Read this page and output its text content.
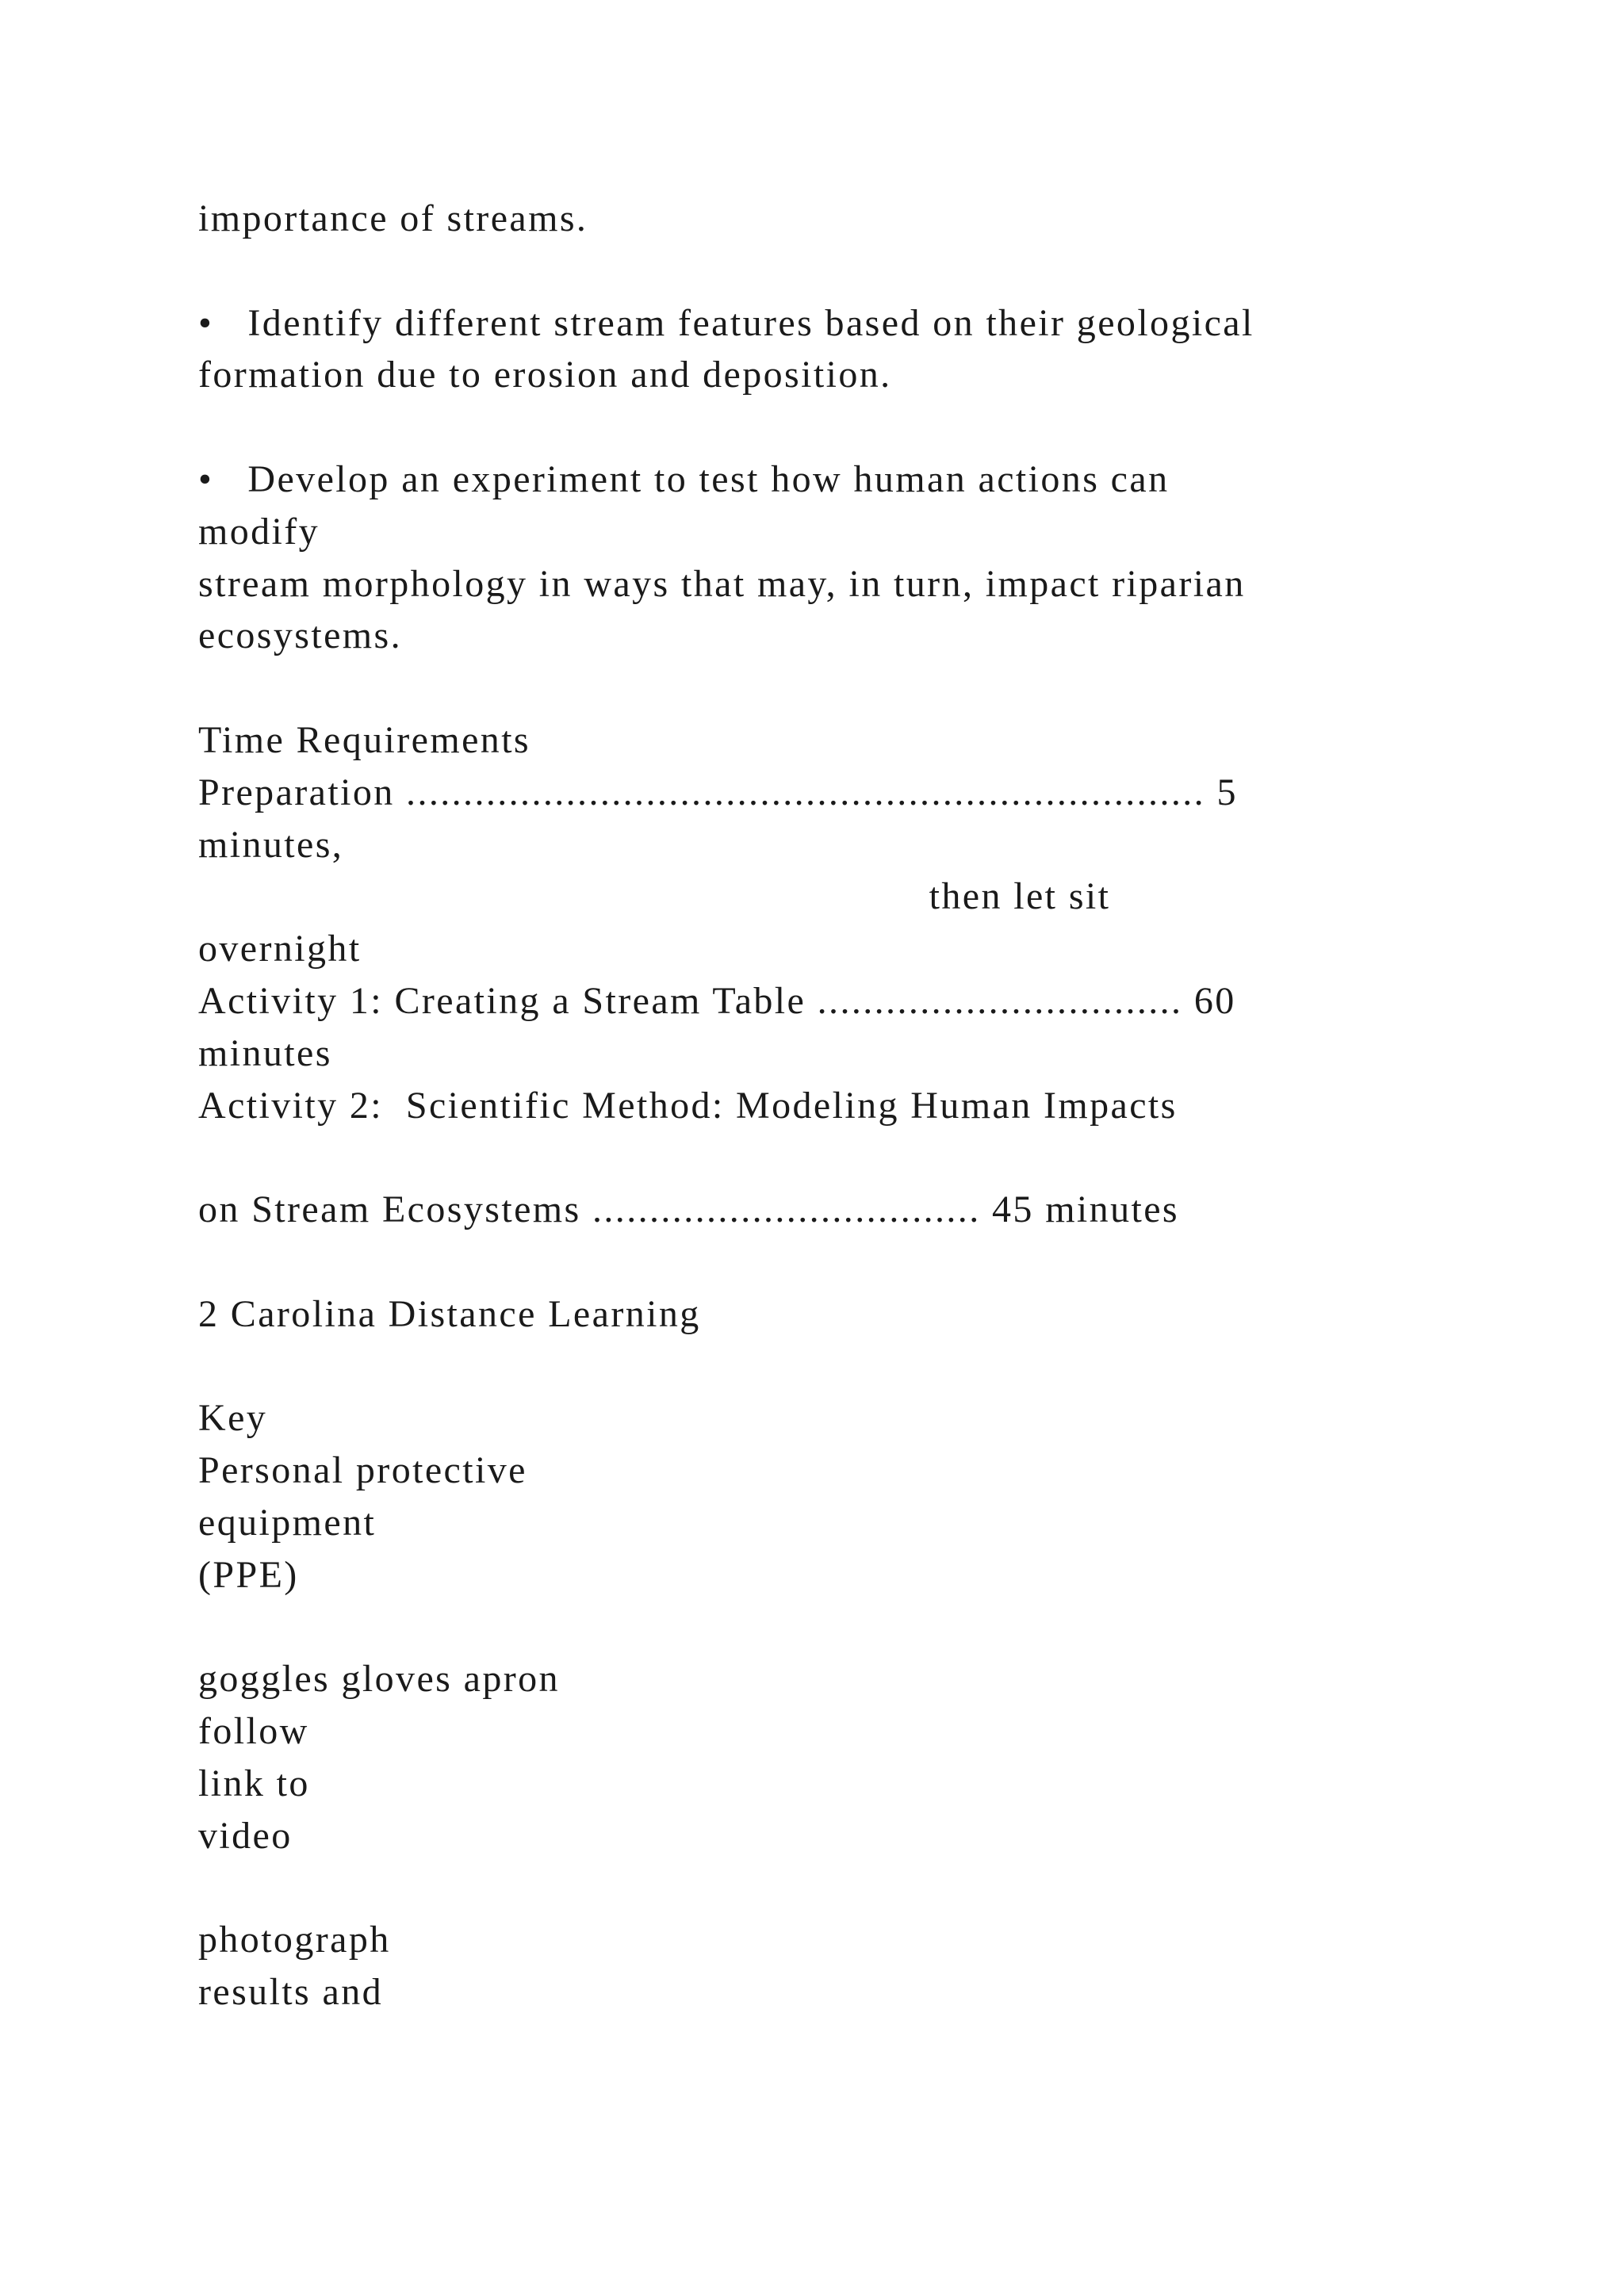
importance of streams.
•   Identify different stream features based on their geological
formation due to erosion and deposition.
•   Develop an experiment to test how human actions can
modify
stream morphology in ways that may, in turn, impact riparian
ecosystems.
Time Requirements
Preparation ...................................................................... 5
minutes,
then let sit
overnight
Activity 1: Creating a Stream Table ................................ 60
minutes
Activity 2:  Scientific Method: Modeling Human Impacts
on Stream Ecosystems .................................. 45 minutes
2 Carolina Distance Learning
Key
Personal protective
equipment
(PPE)
goggles gloves apron
follow
link to
video
photograph
results and
